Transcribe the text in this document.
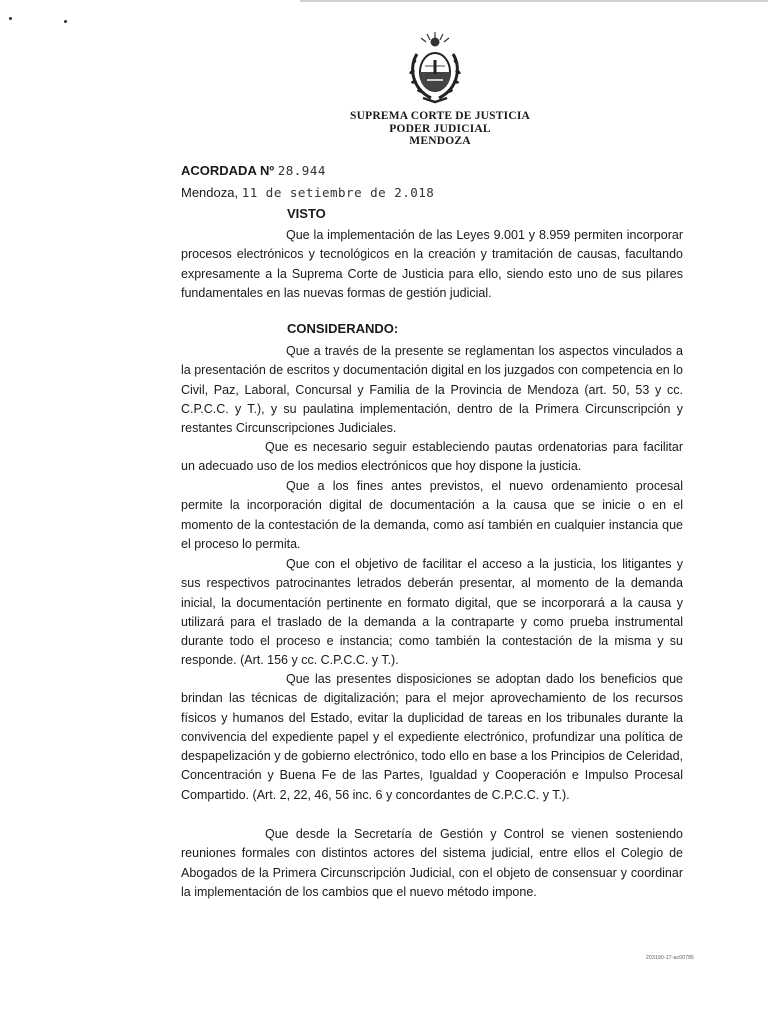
SUPREMA CORTE DE JUSTICIA
PODER JUDICIAL
MENDOZA
ACORDADA Nº 28.944
Mendoza, 11 de setiembre de 2.018
VISTO

Que la implementación de las Leyes 9.001 y 8.959 permiten incorporar procesos electrónicos y tecnológicos en la creación y tramitación de causas, facultando expresamente a la Suprema Corte de Justicia para ello, siendo esto uno de sus pilares fundamentales en las nuevas formas de gestión judicial.

CONSIDERANDO:

Que a través de la presente se reglamentan los aspectos vinculados a la presentación de escritos y documentación digital en los juzgados con competencia en lo Civil, Paz, Laboral, Concursal y Familia de la Provincia de Mendoza (art. 50, 53 y cc. C.P.C.C. y T.), y su paulatina implementación, dentro de la Primera Circunscripción y restantes Circunscripciones Judiciales.

Que es necesario seguir estableciendo pautas ordenatorias para facilitar un adecuado uso de los medios electrónicos que hoy dispone la justicia.

Que a los fines antes previstos, el nuevo ordenamiento procesal permite la incorporación digital de documentación a la causa que se inicie o en el momento de la contestación de la demanda, como así también en cualquier instancia que el proceso lo permita.

Que con el objetivo de facilitar el acceso a la justicia, los litigantes y sus respectivos patrocinantes letrados deberán presentar, al momento de la demanda inicial, la documentación pertinente en formato digital, que se incorporará a la causa y utilizará para el traslado de la demanda a la contraparte y como prueba instrumental durante todo el proceso e instancia; como también la contestación de la misma y su responde. (Art. 156 y cc. C.P.C.C. y T.).

Que las presentes disposiciones se adoptan dado los beneficios que brindan las técnicas de digitalización; para el mejor aprovechamiento de los recursos físicos y humanos del Estado, evitar la duplicidad de tareas en los tribunales durante la convivencia del expediente papel y el expediente electrónico, profundizar una política de despapelización y de gobierno electrónico, todo ello en base a los Principios de Celeridad, Concentración y Buena Fe de las Partes, Igualdad y Cooperación e Impulso Procesal Compartido. (Art. 2, 22, 46, 56 inc. 6 y concordantes de C.P.C.C. y T.).

Que desde la Secretaría de Gestión y Control se vienen sosteniendo reuniones formales con distintos actores del sistema judicial, entre ellos el Colegio de Abogados de la Primera Circunscripción Judicial, con el objeto de consensuar y coordinar la implementación de los cambios que el nuevo método impone.

203190-17-ac00785
